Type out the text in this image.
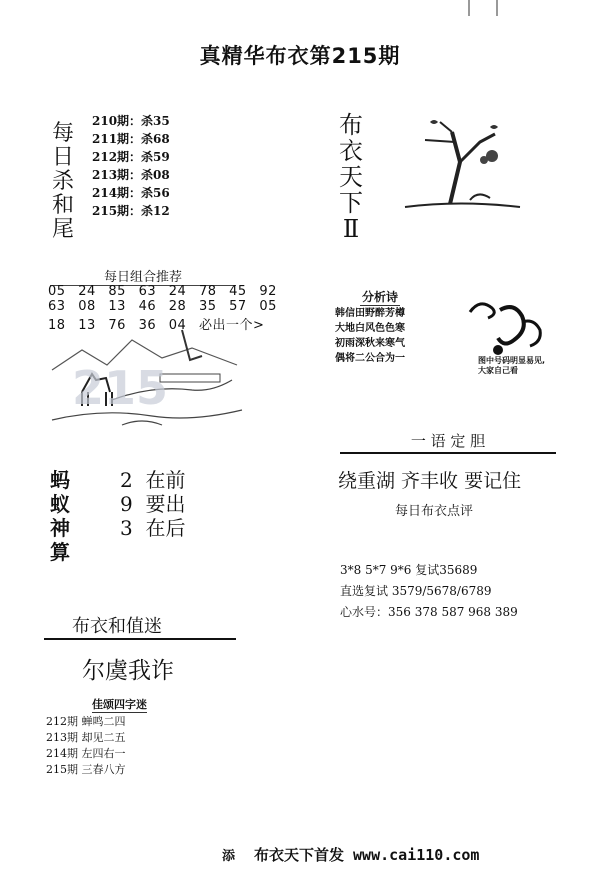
真精华布衣第215期
每
日
杀
和
尾
210期：杀35
211期：杀68
212期：杀59
213期：杀08
214期：杀56
215期：杀12
布
衣
天
下
Ⅱ
每日组合推荐
05 24 85 63 24 78 45 92
63 08 13 46 28 35 57 05
18 13 76 36 04 必出一个>
215
分析诗
韩信田野醉芳樽
大地白风色色寒
初雨深秋来寒气
偶将二公合为一	图中号码明显易见,
大家自己看
一 语 定 胆
绕重湖 齐丰收 要记住
每日布衣点评
蚂
蚁
神
算
2 在前
9 要出
3 在后
3*8 5*7 9*6 复试35689
直选复试 3579/5678/6789
心水号：356 378 587 968 389
布衣和值迷
尔虞我诈
佳颂四字迷
212期 蝉鸣二四
213期 却见二五
214期 左四右一
215期 三春八方
添 布衣天下首发 www.cai110.com
